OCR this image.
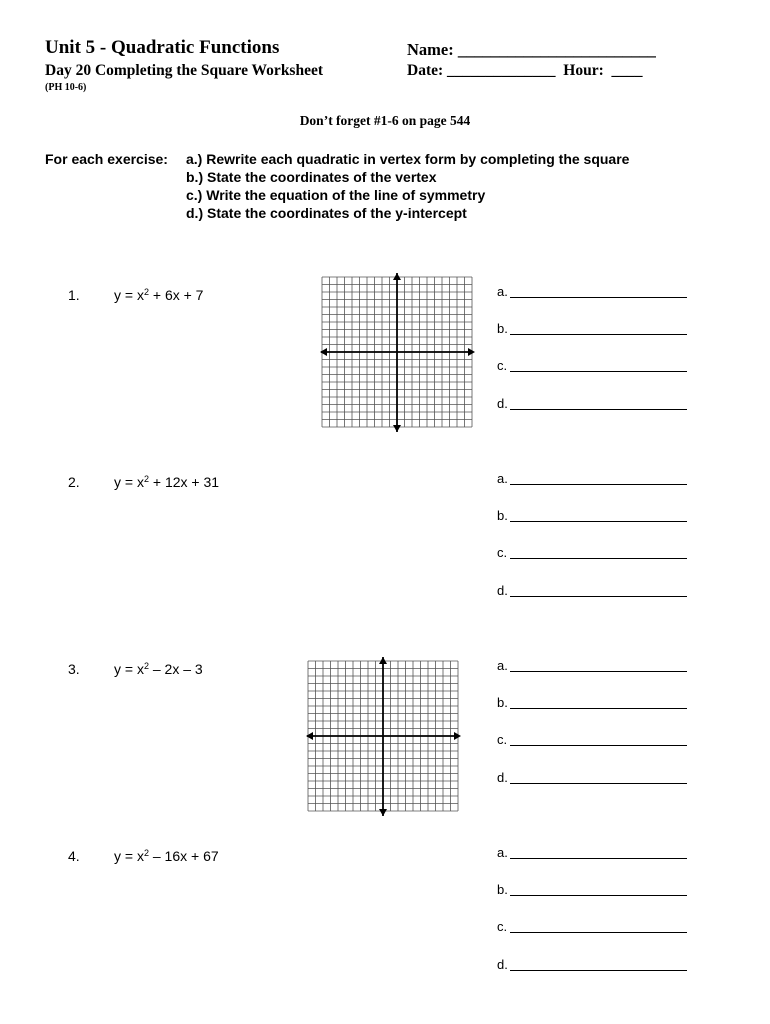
Unit 5 - Quadratic Functions
Day 20 Completing the Square Worksheet
(PH 10-6)
Name: ________________________
Date: ______________ Hour: ____
Don’t forget #1-6 on page 544
For each exercise: a.) Rewrite each quadratic in vertex form by completing the square
b.) State the coordinates of the vertex
c.) Write the equation of the line of symmetry
d.) State the coordinates of the y-intercept
1. $y = x^2 + 6x + 7$	a.
b.
c.
d.
2. $y = x^2 + 12x + 31$	a.
b.
c.
d.
3. $y = x^2 - 2x - 3$	a.
b.
c.
d.
4. $y = x^2 - 16x + 67$	a.
b.
c.
d.
